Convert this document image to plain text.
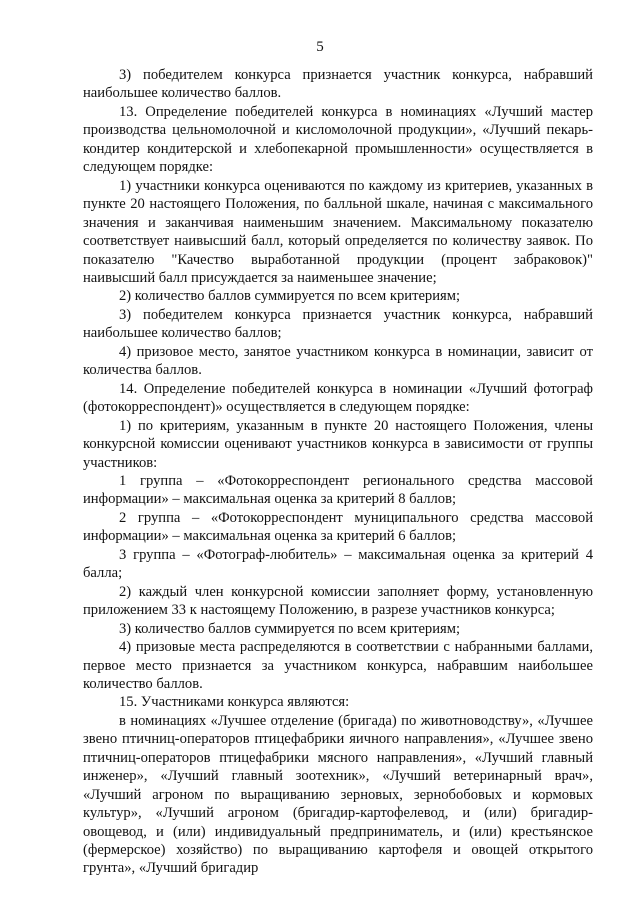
5

3) победителем конкурса признается участник конкурса, набравший наибольшее количество баллов.

13. Определение победителей конкурса в номинациях «Лучший мастер производства цельномолочной и кисломолочной продукции», «Лучший пекарь-кондитер кондитерской и хлебопекарной промышленности» осуществляется в следующем порядке:

1) участники конкурса оцениваются по каждому из критериев, указанных в пункте 20 настоящего Положения, по балльной шкале, начиная с максимального значения и заканчивая наименьшим значением. Максимальному показателю соответствует наивысший балл, который определяется по количеству заявок. По показателю "Качество выработанной продукции (процент забраковок)" наивысший балл присуждается за наименьшее значение;

2) количество баллов суммируется по всем критериям;

3) победителем конкурса признается участник конкурса, набравший наибольшее количество баллов;

4) призовое место, занятое участником конкурса в номинации, зависит от количества баллов.

14. Определение победителей конкурса в номинации «Лучший фотограф (фотокорреспондент)» осуществляется в следующем порядке:

1) по критериям, указанным в пункте 20 настоящего Положения, члены конкурсной комиссии оценивают участников конкурса в зависимости от группы участников:

1 группа – «Фотокорреспондент регионального средства массовой информации» – максимальная оценка за критерий 8 баллов;

2 группа – «Фотокорреспондент муниципального средства массовой информации» – максимальная оценка за критерий 6 баллов;

3 группа – «Фотограф-любитель» – максимальная оценка за критерий 4 балла;

2) каждый член конкурсной комиссии заполняет форму, установленную приложением 33 к настоящему Положению, в разрезе участников конкурса;

3) количество баллов суммируется по всем критериям;

4) призовые места распределяются в соответствии с набранными баллами, первое место признается за участником конкурса, набравшим наибольшее количество баллов.

15. Участниками конкурса являются:

в номинациях «Лучшее отделение (бригада) по животноводству», «Лучшее звено птичниц-операторов птицефабрики яичного направления», «Лучшее звено птичниц-операторов птицефабрики мясного направления», «Лучший главный инженер», «Лучший главный зоотехник», «Лучший ветеринарный врач», «Лучший агроном по выращиванию зерновых, зернобобовых и кормовых культур», «Лучший агроном (бригадир-картофелевод, и (или) бригадир-овощевод, и (или) индивидуальный предприниматель, и (или) крестьянское (фермерское) хозяйство) по выращиванию картофеля и овощей открытого грунта», «Лучший бригадир
